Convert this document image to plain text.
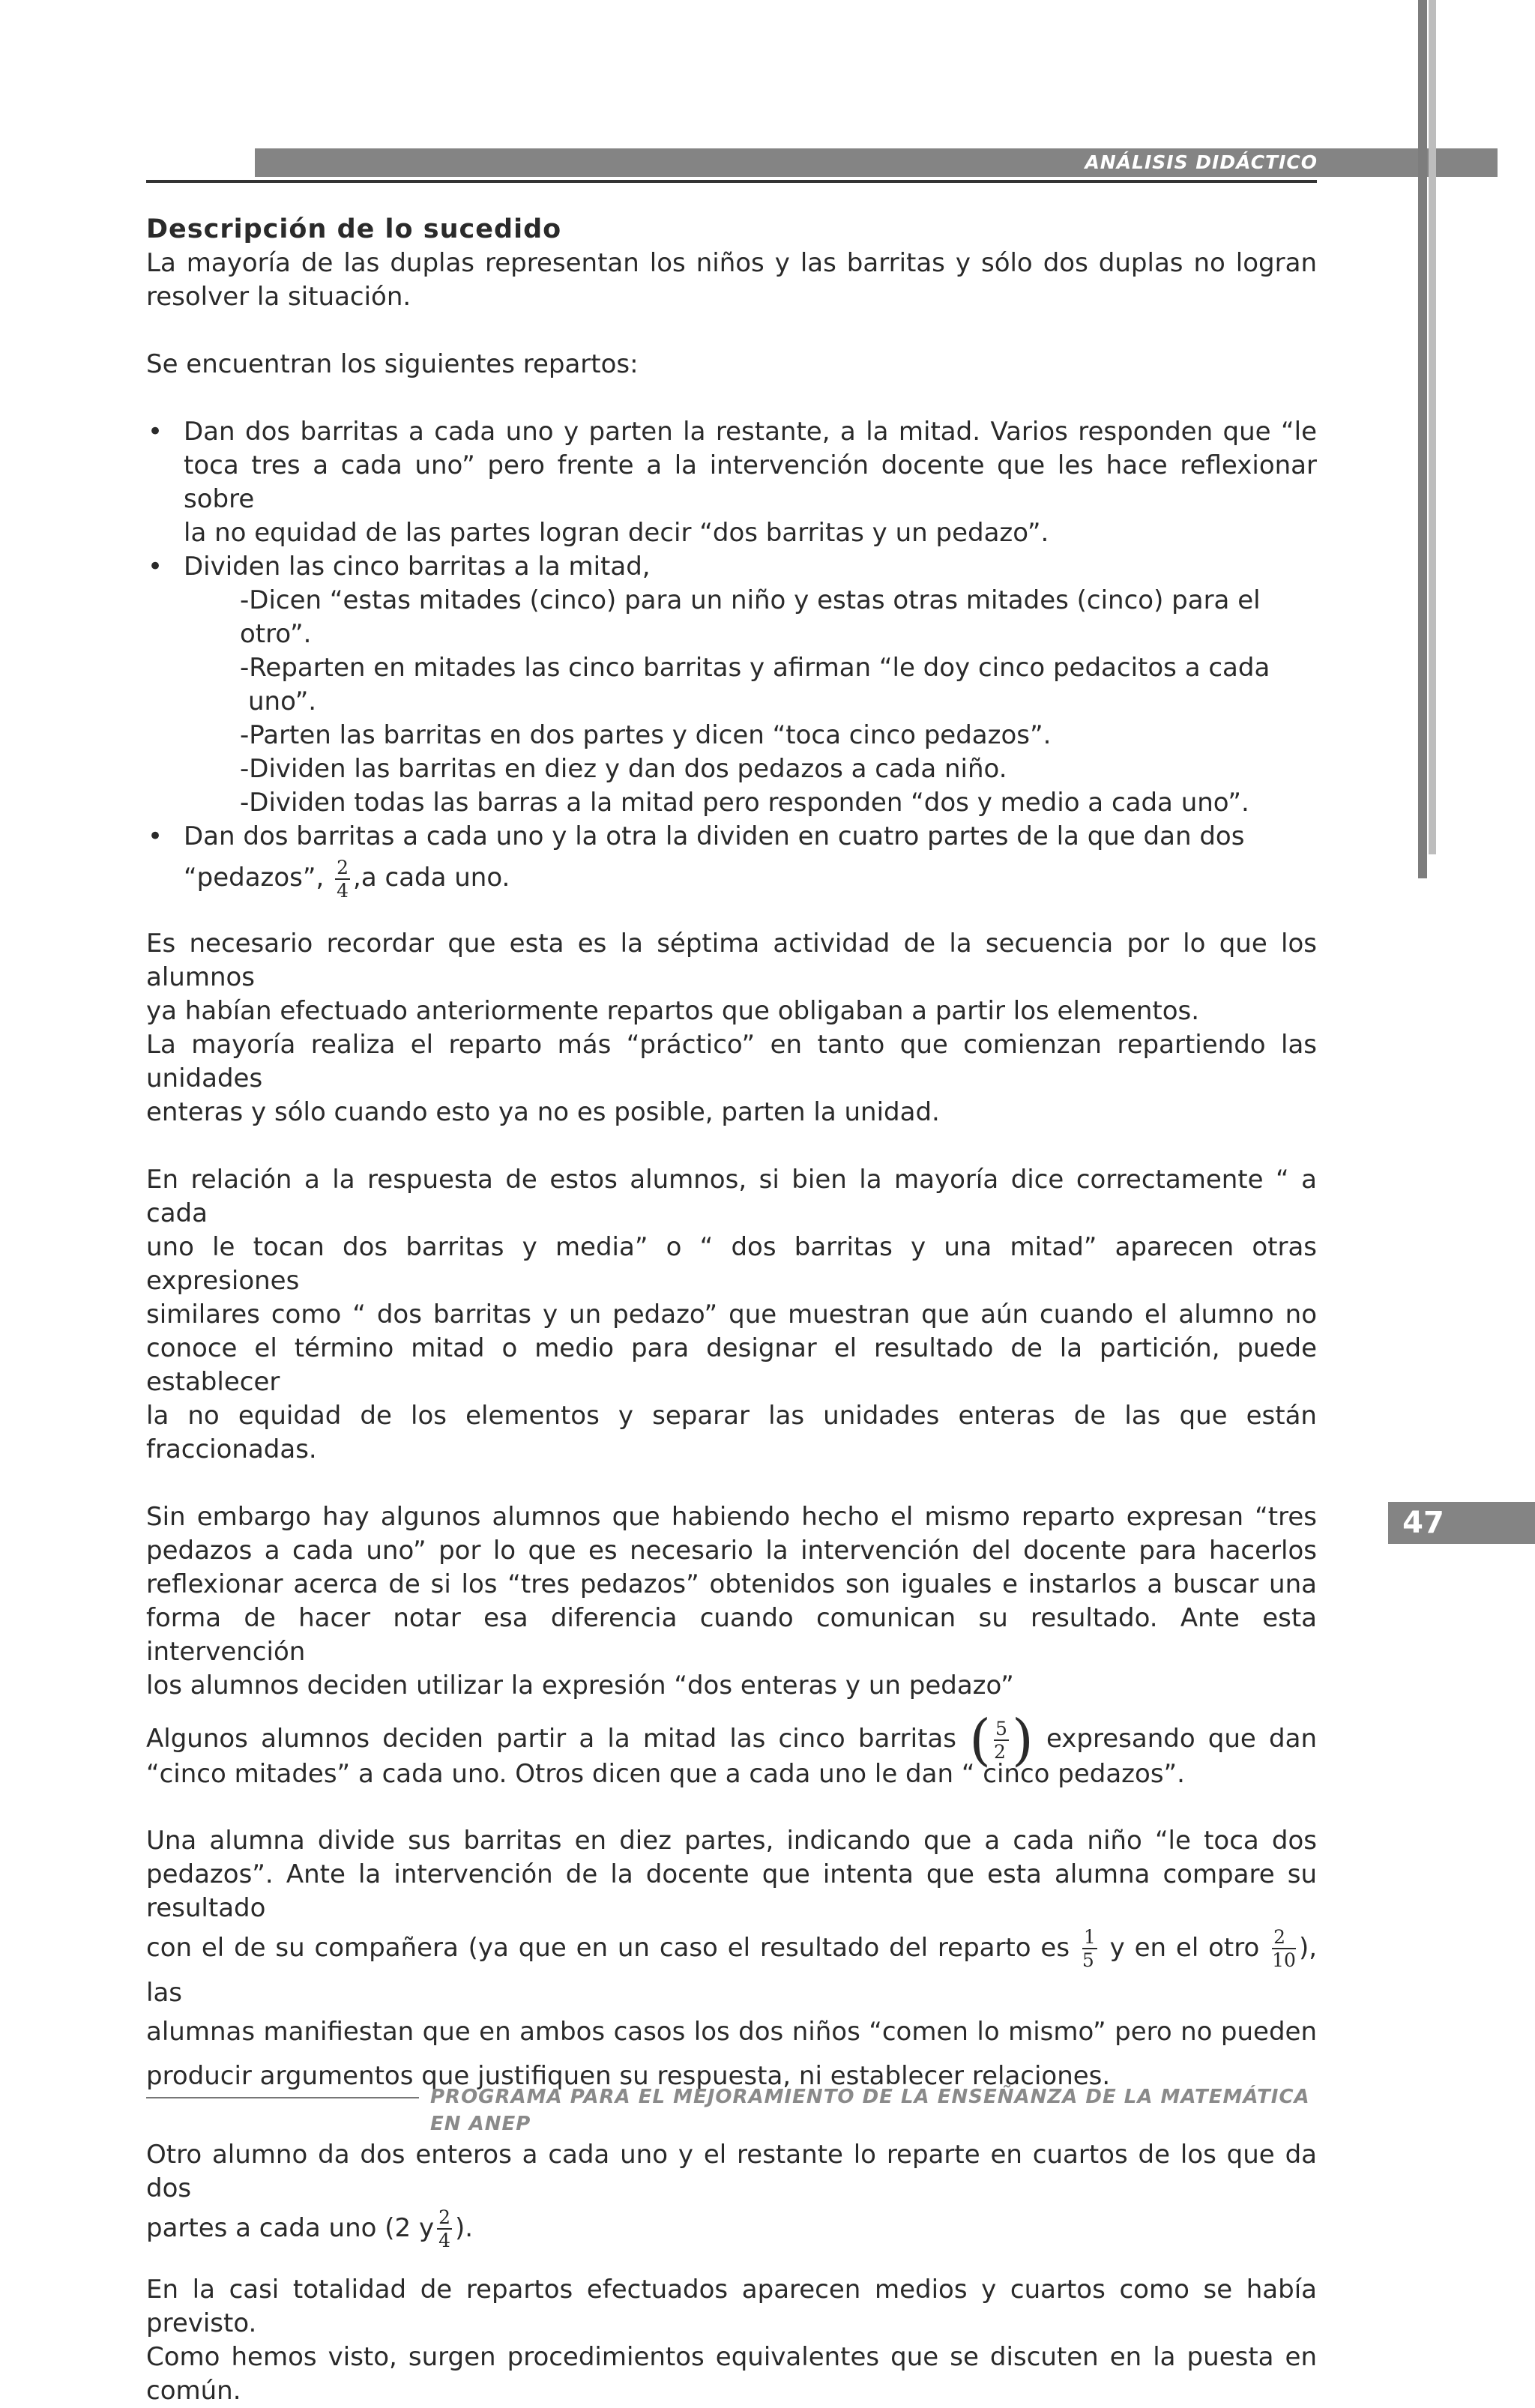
ANÁLISIS DIDÁCTICO
47

Descripción de lo sucedido

La mayoría de las duplas representan los niños y las barritas y sólo dos duplas no logran

resolver la situación.

Se encuentran los siguientes repartos:

• Dan dos barritas a cada uno y parten la restante, a la mitad. Varios responden que “le

toca tres a cada uno” pero frente a la intervención docente que les hace reflexionar sobre

la no equidad de las partes logran decir “dos barritas y un pedazo”.

• Dividen las cinco barritas a la mitad,

-Dicen “estas mitades (cinco) para un niño y estas otras mitades (cinco) para el otro”.

-Reparten en mitades las cinco barritas y afirman “le doy cinco pedacitos a cada

uno”.

-Parten las barritas en dos partes y dicen “toca cinco pedazos”.

-Dividen las barritas en diez y dan dos pedazos a cada niño.

-Dividen todas las barras a la mitad pero responden “dos y medio a cada uno”.

• Dan dos barritas a cada uno y la otra la dividen en cuatro partes de la que dan dos

“pedazos”, $\frac{2}{4} ,a$ cada uno.

Es necesario recordar que esta es la séptima actividad de la secuencia por lo que los alumnos

ya habían efectuado anteriormente repartos que obligaban a partir los elementos.

La mayoría realiza el reparto más “práctico” en tanto que comienzan repartiendo las unidades

enteras y sólo cuando esto ya no es posible, parten la unidad.

En relación a la respuesta de estos alumnos, si bien la mayoría dice correctamente “ a cada

uno le tocan dos barritas y media” o “ dos barritas y una mitad” aparecen otras expresiones

similares como “ dos barritas y un pedazo” que muestran que aún cuando el alumno no

conoce el término mitad o medio para designar el resultado de la partición, puede establecer

la no equidad de los elementos y separar las unidades enteras de las que están fraccionadas.

Sin embargo hay algunos alumnos que habiendo hecho el mismo reparto expresan “tres

pedazos a cada uno” por lo que es necesario la intervención del docente para hacerlos

reflexionar acerca de si los “tres pedazos” obtenidos son iguales e instarlos a buscar una

forma de hacer notar esa diferencia cuando comunican su resultado. Ante esta intervención

los alumnos deciden utilizar la expresión “dos enteras y un pedazo”

Algunos alumnos deciden partir a la mitad las cinco barritas ( $\frac{5}{2}$ ) expresando que dan

“cinco mitades” a cada uno. Otros dicen que a cada uno le dan “ cinco pedazos”.

Una alumna divide sus barritas en diez partes, indicando que a cada niño “le toca dos

pedazos”. Ante la intervención de la docente que intenta que esta alumna compare su resultado

con el de su compañera (ya que en un caso el resultado del reparto es $\frac{1}{5}$ y en el otro $\frac{2}{10}$ ), las

alumnas manifiestan que en ambos casos los dos niños “comen lo mismo” pero no pueden

producir argumentos que justifiquen su respuesta, ni establecer relaciones.

Otro alumno da dos enteros a cada uno y el restante lo reparte en cuartos de los que da dos

partes a cada uno (2 y $\frac{2}{4}$ ).

En la casi totalidad de repartos efectuados aparecen medios y cuartos como se había previsto.

Como hemos visto, surgen procedimientos equivalentes que se discuten en la puesta en común.

PROGRAMA PARA EL MEJORAMIENTO DE LA ENSEÑANZA DE LA MATEMÁTICA EN ANEP
